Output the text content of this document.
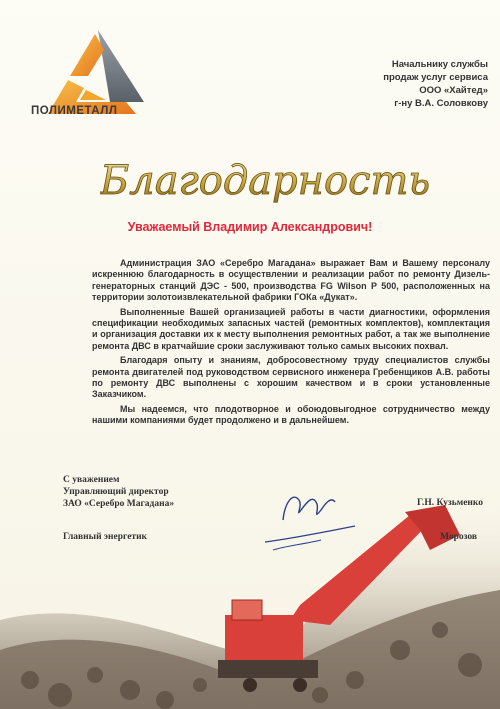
ПОЛИМЕТАЛЛ
Начальнику службы
продаж услуг сервиса
ООО «Хайтед»
г-ну В.А. Соловкову
Благодарность
Уважаемый Владимир Александрович!

Администрация ЗАО «Серебро Магадана» выражает Вам и Вашему персоналу искреннюю благодарность в осуществлении и реализации работ по ремонту Дизель-генераторных станций ДЭС - 500, производства FG Wilson P 500, расположенных на территории золотоизвлекательной фабрики ГОКа «Дукат».

Выполненные Вашей организацией работы в части диагностики, оформления спецификации необходимых запасных частей (ремонтных комплектов), комплектация и организация доставки их к месту выполнения ремонтных работ, а так же выполнение ремонта ДВС в кратчайшие сроки заслуживают только самых высоких похвал.

Благодаря опыту и знаниям, добросовестному труду специалистов службы ремонта двигателей под руководством сервисного инженера Гребенщиков А.В. работы по ремонту ДВС выполнены с хорошим качеством и в сроки установленные Заказчиком.

Мы надеемся, что плодотворное и обоюдовыгодное сотрудничество между нашими компаниями будет продолжено и в дальнейшем.

С уважением
Управляющий директор
ЗАО «Серебро Магадана»	Г.Н. Кузьменко
Главный энергетик	Морозов
